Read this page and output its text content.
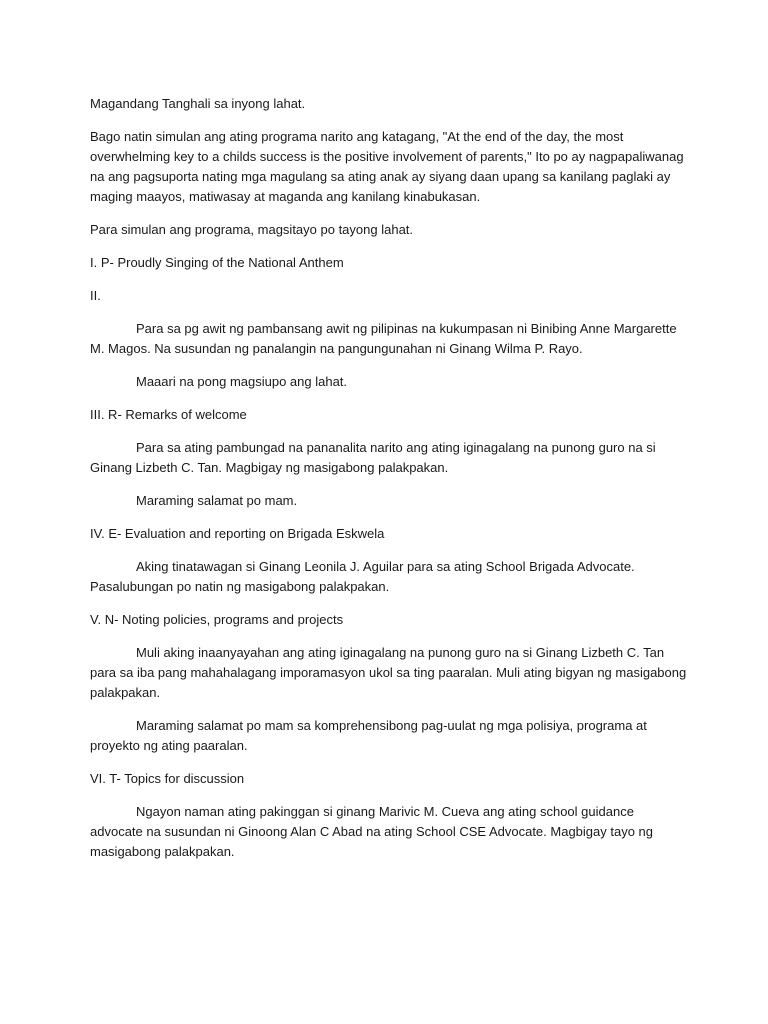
Magandang Tanghali sa inyong lahat.

Bago natin simulan ang ating programa narito ang katagang, "At the end of the day, the most overwhelming key to a childs success is the positive involvement of parents," Ito po ay nagpapaliwanag na ang pagsuporta nating mga magulang sa ating anak ay siyang daan upang sa kanilang paglaki ay maging maayos, matiwasay at maganda ang kanilang kinabukasan.

Para simulan ang programa, magsitayo po tayong lahat.

I. P- Proudly Singing of the National Anthem

II.

Para sa pg awit ng pambansang awit ng pilipinas na kukumpasan ni Binibing Anne Margarette M. Magos. Na susundan ng panalangin na pangungunahan ni Ginang Wilma P. Rayo.

Maaari na pong magsiupo ang lahat.

III. R- Remarks of welcome

Para sa ating pambungad na pananalita narito ang ating iginagalang na punong guro na si Ginang Lizbeth C. Tan. Magbigay ng masigabong palakpakan.

Maraming salamat po mam.

IV. E- Evaluation and reporting on Brigada Eskwela

Aking tinatawagan si Ginang Leonila J. Aguilar para sa ating School Brigada Advocate. Pasalubungan po natin ng masigabong palakpakan.

V. N- Noting policies, programs and projects

Muli aking inaanyayahan ang ating iginagalang na punong guro na si Ginang Lizbeth C. Tan para sa iba pang mahahalagang imporamasyon ukol sa ting paaralan. Muli ating bigyan ng masigabong palakpakan.

Maraming salamat po mam sa komprehensibong pag-uulat ng mga polisiya, programa at proyekto ng ating paaralan.

VI. T- Topics for discussion

Ngayon naman ating pakinggan si ginang Marivic M. Cueva ang ating school guidance advocate na susundan ni Ginoong Alan C Abad na ating School CSE Advocate. Magbigay tayo ng masigabong palakpakan.
